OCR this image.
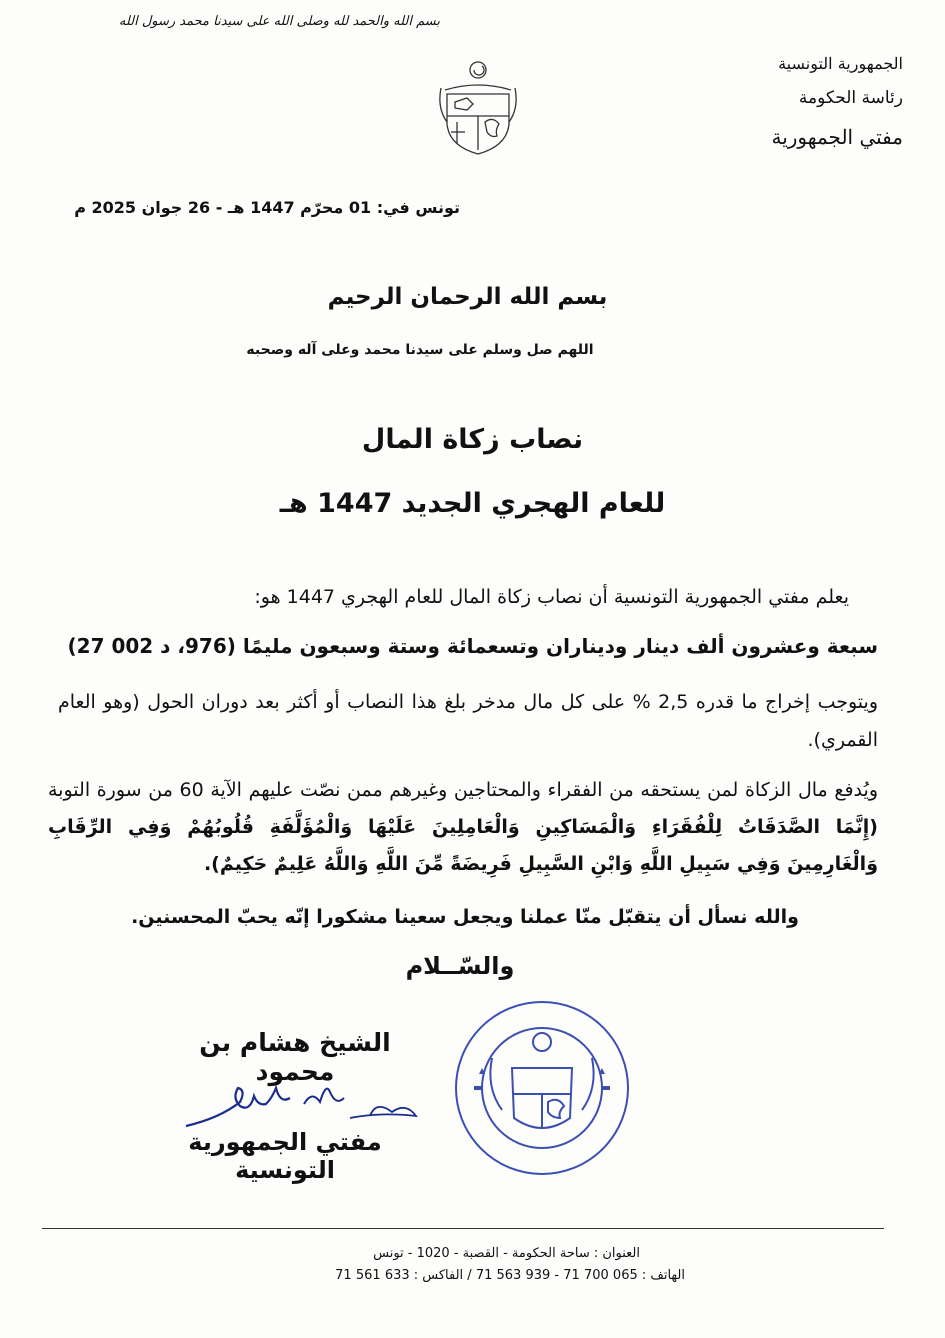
بسم الله والحمد لله وصلى الله على سيدنا محمد رسول الله
الجمهورية التونسية
رئاسة الحكومة
مفتي الجمهورية
تونس في: 01 محرّم 1447 هـ - 26 جوان 2025 م
بسم الله الرحمان الرحيم
اللهم صل وسلم على سيدنا محمد وعلى آله وصحبه
نصاب زكاة المال
للعام الهجري الجديد 1447 هـ
يعلم مفتي الجمهورية التونسية أن نصاب زكاة المال للعام الهجري 1447 هو:
سبعة وعشرون ألف دينار وديناران وتسعمائة وستة وسبعون مليمًا (976، د 002 27)
ويتوجب إخراج ما قدره 2,5 % على كل مال مدخر بلغ هذا النصاب أو أكثر بعد دوران الحول (وهو العام القمري).
ويُدفع مال الزكاة لمن يستحقه من الفقراء والمحتاجين وغيرهم ممن نصّت عليهم الآية 60 من سورة التوبة (إِنَّمَا الصَّدَقَاتُ لِلْفُقَرَاءِ وَالْمَسَاكِينِ وَالْعَامِلِينَ عَلَيْهَا وَالْمُؤَلَّفَةِ قُلُوبُهُمْ وَفِي الرِّقَابِ وَالْغَارِمِينَ وَفِي سَبِيلِ اللَّهِ وَابْنِ السَّبِيلِ فَرِيضَةً مِّنَ اللَّهِ وَاللَّهُ عَلِيمٌ حَكِيمٌ).
والله نسأل أن يتقبّل منّا عملنا ويجعل سعينا مشكورا إنّه يحبّ المحسنين.
والسّــلام
الشيخ هشام بن محمود
مفتي الجمهورية التونسية
العنوان : ساحة الحكومة - القصبة - 1020 - تونس
الهاتف : 065 700 71 - 939 563 71 / الفاكس : 633 561 71
